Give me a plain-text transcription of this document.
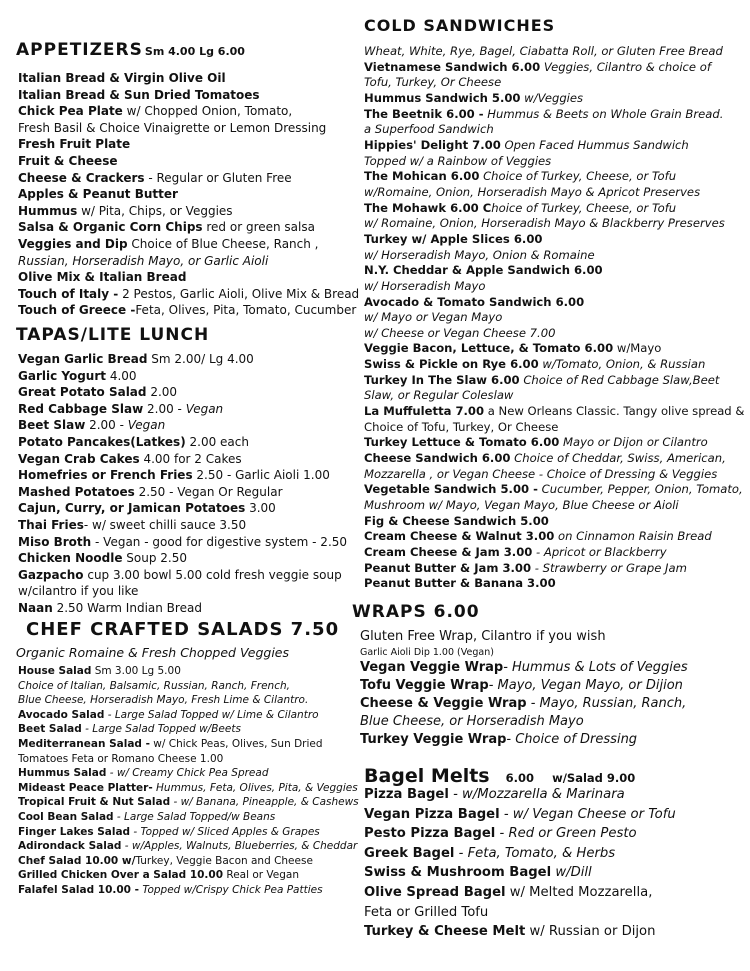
APPETIZERS Sm 4.00 Lg 6.00
Italian Bread & Virgin Olive Oil
Italian Bread & Sun Dried Tomatoes
Chick Pea Plate w/ Chopped Onion, Tomato,
Fresh Basil & Choice Vinaigrette or Lemon Dressing
Fresh Fruit Plate
Fruit & Cheese
Cheese & Crackers - Regular or Gluten Free
Apples & Peanut Butter
Hummus w/ Pita, Chips, or Veggies
Salsa & Organic Corn Chips red or green salsa
Veggies and Dip Choice of Blue Cheese, Ranch ,
Russian, Horseradish Mayo, or Garlic Aioli
Olive Mix & Italian Bread
Touch of Italy - 2 Pestos, Garlic Aioli, Olive Mix & Bread
Touch of Greece -Feta, Olives, Pita, Tomato, Cucumber
TAPAS/LITE LUNCH
Vegan Garlic Bread Sm 2.00/ Lg 4.00
Garlic Yogurt 4.00
Great Potato Salad 2.00
Red Cabbage Slaw 2.00 - Vegan
Beet Slaw 2.00 - Vegan
Potato Pancakes(Latkes) 2.00 each
Vegan Crab Cakes 4.00 for 2 Cakes
Homefries or French Fries 2.50 - Garlic Aioli 1.00
Mashed Potatoes 2.50 - Vegan Or Regular
Cajun, Curry, or Jamican Potatoes 3.00
Thai Fries- w/ sweet chilli sauce 3.50
Miso Broth - Vegan - good for digestive system - 2.50
Chicken Noodle Soup 2.50
Gazpacho cup 3.00 bowl 5.00 cold fresh veggie soup
w/cilantro if you like
Naan 2.50 Warm Indian Bread
CHEF CRAFTED SALADS 7.50
Organic Romaine & Fresh Chopped Veggies
House Salad Sm 3.00 Lg 5.00
Choice of Italian, Balsamic, Russian, Ranch, French,
Blue Cheese, Horseradish Mayo, Fresh Lime & Cilantro.
Avocado Salad - Large Salad Topped w/ Lime & Cilantro
Beet Salad - Large Salad Topped w/Beets
Mediterranean Salad - w/ Chick Peas, Olives, Sun Dried
Tomatoes Feta or Romano Cheese 1.00
Hummus Salad - w/ Creamy Chick Pea Spread
Mideast Peace Platter- Hummus, Feta, Olives, Pita, & Veggies
Tropical Fruit & Nut Salad - w/ Banana, Pineapple, & Cashews
Cool Bean Salad - Large Salad Topped/w Beans
Finger Lakes Salad - Topped w/ Sliced Apples & Grapes
Adirondack Salad - w/Apples, Walnuts, Blueberries, & Cheddar
Chef Salad 10.00 w/Turkey, Veggie Bacon and Cheese
Grilled Chicken Over a Salad 10.00 Real or Vegan
Falafel Salad 10.00 - Topped w/Crispy Chick Pea Patties
COLD SANDWICHES
Wheat, White, Rye, Bagel, Ciabatta Roll, or Gluten Free Bread
Vietnamese Sandwich 6.00 Veggies, Cilantro & choice of
Tofu, Turkey, Or Cheese
Hummus Sandwich 5.00 w/Veggies
The Beetnik 6.00 - Hummus & Beets on Whole Grain Bread.
a Superfood Sandwich
Hippies' Delight 7.00 Open Faced Hummus Sandwich
Topped w/ a Rainbow of Veggies
The Mohican 6.00 Choice of Turkey, Cheese, or Tofu
w/Romaine, Onion, Horseradish Mayo & Apricot Preserves
The Mohawk 6.00 Choice of Turkey, Cheese, or Tofu
w/ Romaine, Onion, Horseradish Mayo & Blackberry Preserves
Turkey w/ Apple Slices 6.00
w/ Horseradish Mayo, Onion & Romaine
N.Y. Cheddar & Apple Sandwich 6.00
w/ Horseradish Mayo
Avocado & Tomato Sandwich 6.00
w/ Mayo or Vegan Mayo
w/ Cheese or Vegan Cheese 7.00
Veggie Bacon, Lettuce, & Tomato 6.00 w/Mayo
Swiss & Pickle on Rye 6.00 w/Tomato, Onion, & Russian
Turkey In The Slaw 6.00 Choice of Red Cabbage Slaw,Beet
Slaw, or Regular Coleslaw
La Muffuletta 7.00 a New Orleans Classic. Tangy olive spread &
Choice of Tofu, Turkey, Or Cheese
Turkey Lettuce & Tomato 6.00 Mayo or Dijon or Cilantro
Cheese Sandwich 6.00 Choice of Cheddar, Swiss, American,
Mozzarella , or Vegan Cheese - Choice of Dressing & Veggies
Vegetable Sandwich 5.00 - Cucumber, Pepper, Onion, Tomato,
Mushroom w/ Mayo, Vegan Mayo, Blue Cheese or Aioli
Fig & Cheese Sandwich 5.00
Cream Cheese & Walnut 3.00 on Cinnamon Raisin Bread
Cream Cheese & Jam 3.00 - Apricot or Blackberry
Peanut Butter & Jam 3.00 - Strawberry or Grape Jam
Peanut Butter & Banana 3.00
WRAPS 6.00
Gluten Free Wrap, Cilantro if you wish
Garlic Aioli Dip 1.00 (Vegan)
Vegan Veggie Wrap- Hummus & Lots of Veggies
Tofu Veggie Wrap- Mayo, Vegan Mayo, or Dijion
Cheese & Veggie Wrap - Mayo, Russian, Ranch,
Blue Cheese, or Horseradish Mayo
Turkey Veggie Wrap- Choice of Dressing
Bagel Melts 6.00 w/Salad 9.00
Pizza Bagel - w/Mozzarella & Marinara
Vegan Pizza Bagel - w/ Vegan Cheese or Tofu
Pesto Pizza Bagel - Red or Green Pesto
Greek Bagel - Feta, Tomato, & Herbs
Swiss & Mushroom Bagel w/Dill
Olive Spread Bagel w/ Melted Mozzarella,
Feta or Grilled Tofu
Turkey & Cheese Melt w/ Russian or Dijon
